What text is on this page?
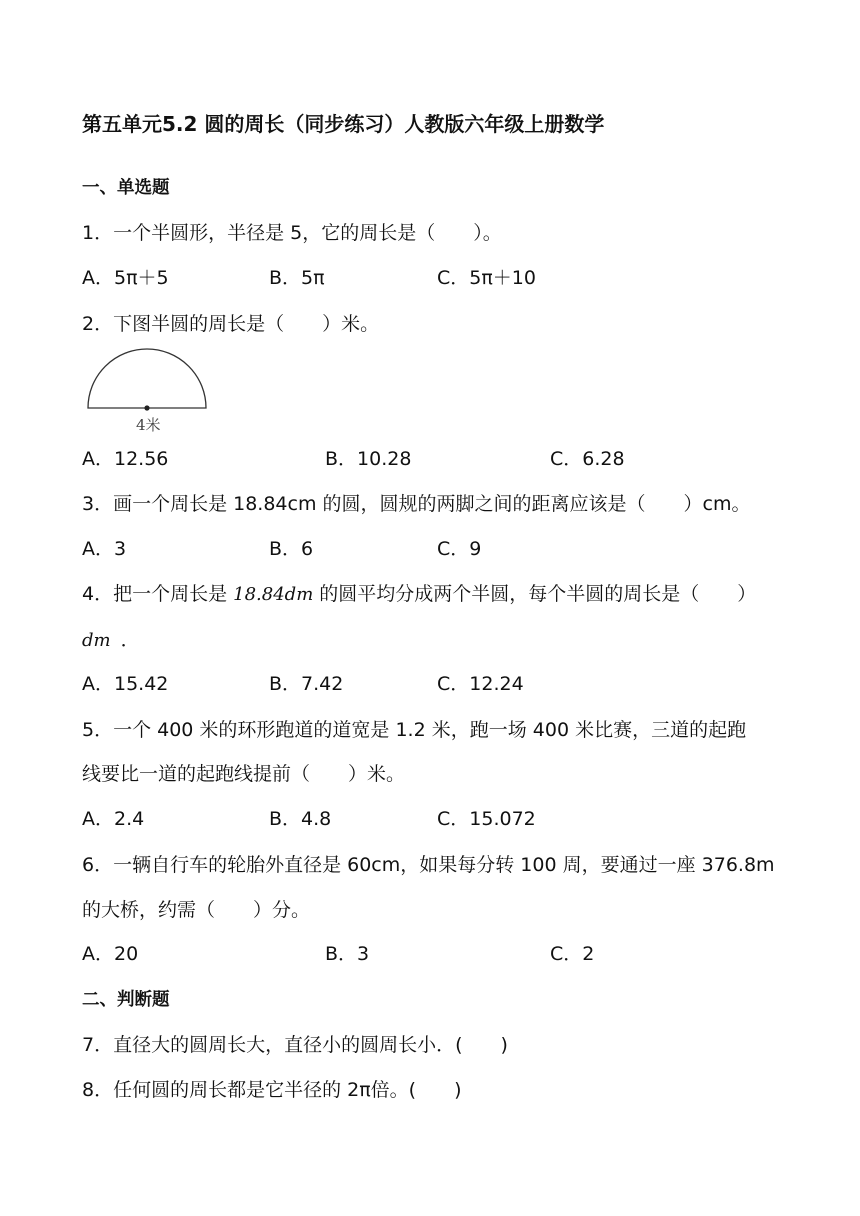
第五单元5.2 圆的周长（同步练习）人教版六年级上册数学
一、单选题
1．一个半圆形，半径是 5，它的周长是（　　）。
A．5π＋5	B．5π	C．5π＋10
2．下图半圆的周长是（　　）米。
4米
A．12.56	B．10.28	C．6.28
3．画一个周长是 18.84cm 的圆，圆规的两脚之间的距离应该是（　　）cm。
A．3	B．6	C．9
4．把一个周长是 18.84dm 的圆平均分成两个半圆，每个半圆的周长是（　　）
dm ．
A．15.42	B．7.42	C．12.24
5．一个 400 米的环形跑道的道宽是 1.2 米，跑一场 400 米比赛，三道的起跑
线要比一道的起跑线提前（　　）米。
A．2.4	B．4.8	C．15.072
6．一辆自行车的轮胎外直径是 60cm，如果每分转 100 周，要通过一座 376.8m
的大桥，约需（　　）分。
A．20	B．3	C．2
二、判断题
7．直径大的圆周长大，直径小的圆周长小．(　　)
8．任何圆的周长都是它半径的 2π倍。(　　)
